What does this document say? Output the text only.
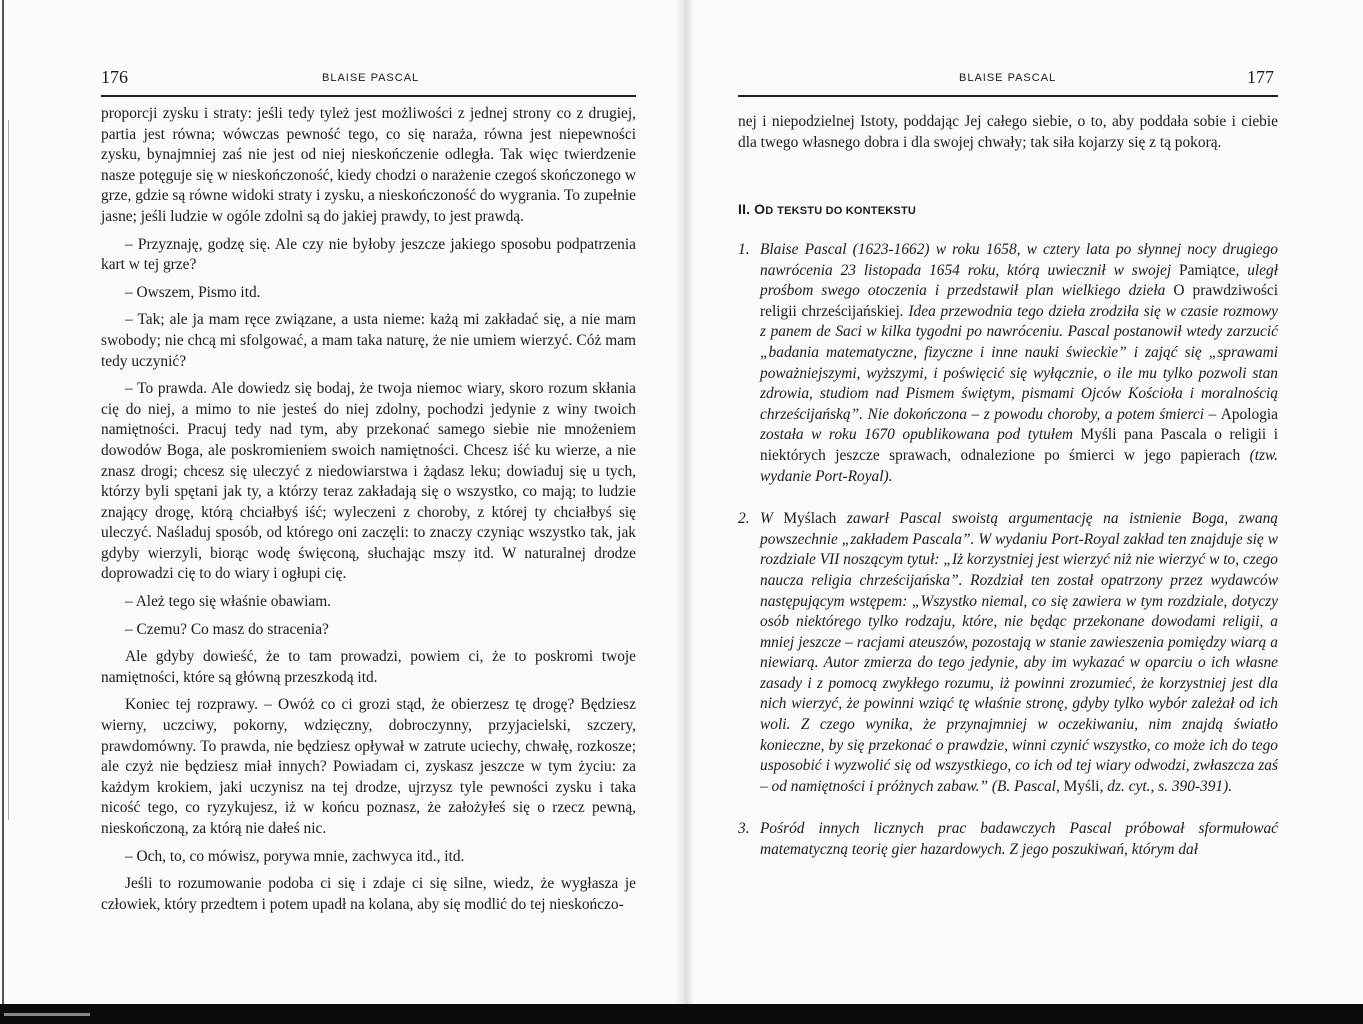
176	BLAISE PASCAL

proporcji zysku i straty: jeśli tedy tyleż jest możliwości z jednej strony co z drugiej, partia jest równa; wówczas pewność tego, co się naraża, równa jest niepewności zysku, bynajmniej zaś nie jest od niej nieskończenie odległa. Tak więc twierdzenie nasze potęguje się w nieskończoność, kiedy chodzi o narażenie czegoś skończonego w grze, gdzie są równe widoki straty i zysku, a nieskończoność do wygrania. To zupełnie jasne; jeśli ludzie w ogóle zdolni są do jakiej prawdy, to jest prawdą.

– Przyznaję, godzę się. Ale czy nie byłoby jeszcze jakiego sposobu podpatrzenia kart w tej grze?

– Owszem, Pismo itd.

– Tak; ale ja mam ręce związane, a usta nieme: każą mi zakładać się, a nie mam swobody; nie chcą mi sfolgować, a mam taka naturę, że nie umiem wierzyć. Cóż mam tedy uczynić?

– To prawda. Ale dowiedz się bodaj, że twoja niemoc wiary, skoro rozum skłania cię do niej, a mimo to nie jesteś do niej zdolny, pochodzi jedynie z winy twoich namiętności. Pracuj tedy nad tym, aby przekonać samego siebie nie mnożeniem dowodów Boga, ale poskromieniem swoich namiętności. Chcesz iść ku wierze, a nie znasz drogi; chcesz się uleczyć z niedowiarstwa i żądasz leku; dowiaduj się u tych, którzy byli spętani jak ty, a którzy teraz zakładają się o wszystko, co mają; to ludzie znający drogę, którą chciałbyś iść; wyleczeni z choroby, z której ty chciałbyś się uleczyć. Naśladuj sposób, od którego oni zaczęli: to znaczy czyniąc wszystko tak, jak gdyby wierzyli, biorąc wodę święconą, słuchając mszy itd. W naturalnej drodze doprowadzi cię to do wiary i ogłupi cię.

– Ależ tego się właśnie obawiam.

– Czemu? Co masz do stracenia?

Ale gdyby dowieść, że to tam prowadzi, powiem ci, że to poskromi twoje namiętności, które są główną przeszkodą itd.

Koniec tej rozprawy. – Owóż co ci grozi stąd, że obierzesz tę drogę? Będziesz wierny, uczciwy, pokorny, wdzięczny, dobroczynny, przyjacielski, szczery, prawdomówny. To prawda, nie będziesz opływał w zatrute uciechy, chwałę, rozkosze; ale czyż nie będziesz miał innych? Powiadam ci, zyskasz jeszcze w tym życiu: za każdym krokiem, jaki uczynisz na tej drodze, ujrzysz tyle pewności zysku i taka nicość tego, co ryzykujesz, iż w końcu poznasz, że założyłeś się o rzecz pewną, nieskończoną, za którą nie dałeś nic.

– Och, to, co mówisz, porywa mnie, zachwyca itd., itd.

Jeśli to rozumowanie podoba ci się i zdaje ci się silne, wiedz, że wygłasza je człowiek, który przedtem i potem upadł na kolana, aby się modlić do tej nieskończo-

BLAISE PASCAL	177

nej i niepodzielnej Istoty, poddając Jej całego siebie, o to, aby poddała sobie i ciebie dla twego własnego dobra i dla swojej chwały; tak siła kojarzy się z tą pokorą.

II. OD TEKSTU DO KONTEKSTU
1. Blaise Pascal (1623-1662) w roku 1658, w cztery lata po słynnej nocy drugiego nawrócenia 23 listopada 1654 roku, którą uwiecznił w swojej Pamiątce, uległ prośbom swego otoczenia i przedstawił plan wielkiego dzieła O prawdziwości religii chrześcijańskiej. Idea przewodnia tego dzieła zrodziła się w czasie rozmowy z panem de Saci w kilka tygodni po nawróceniu. Pascal postanowił wtedy zarzucić „badania matematyczne, fizyczne i inne nauki świeckie” i zająć się „sprawami poważniejszymi, wyższymi, i poświęcić się wyłącznie, o ile mu tylko pozwoli stan zdrowia, studiom nad Pismem świętym, pismami Ojców Kościoła i moralnością chrześcijańską”. Nie dokończona – z powodu choroby, a potem śmierci – Apologia została w roku 1670 opublikowana pod tytułem Myśli pana Pascala o religii i niektórych jeszcze sprawach, odnalezione po śmierci w jego papierach (tzw. wydanie Port-Royal).
2. W Myślach zawarł Pascal swoistą argumentację na istnienie Boga, zwaną powszechnie „zakładem Pascala”. W wydaniu Port-Royal zakład ten znajduje się w rozdziale VII noszącym tytuł: „Iż korzystniej jest wierzyć niż nie wierzyć w to, czego naucza religia chrześcijańska”. Rozdział ten został opatrzony przez wydawców następującym wstępem: „Wszystko niemal, co się zawiera w tym rozdziale, dotyczy osób niektórego tylko rodzaju, które, nie będąc przekonane dowodami religii, a mniej jeszcze – racjami ateuszów, pozostają w stanie zawieszenia pomiędzy wiarą a niewiarą. Autor zmierza do tego jedynie, aby im wykazać w oparciu o ich własne zasady i z pomocą zwykłego rozumu, iż powinni zrozumieć, że korzystniej jest dla nich wierzyć, że powinni wziąć tę właśnie stronę, gdyby tylko wybór zależał od ich woli. Z czego wynika, że przynajmniej w oczekiwaniu, nim znajdą światło konieczne, by się przekonać o prawdzie, winni czynić wszystko, co może ich do tego usposobić i wyzwolić się od wszystkiego, co ich od tej wiary odwodzi, zwłaszcza zaś – od namiętności i próżnych zabaw.” (B. Pascal, Myśli, dz. cyt., s. 390-391).
3. Pośród innych licznych prac badawczych Pascal próbował sformułować matematyczną teorię gier hazardowych. Z jego poszukiwań, którym dał
